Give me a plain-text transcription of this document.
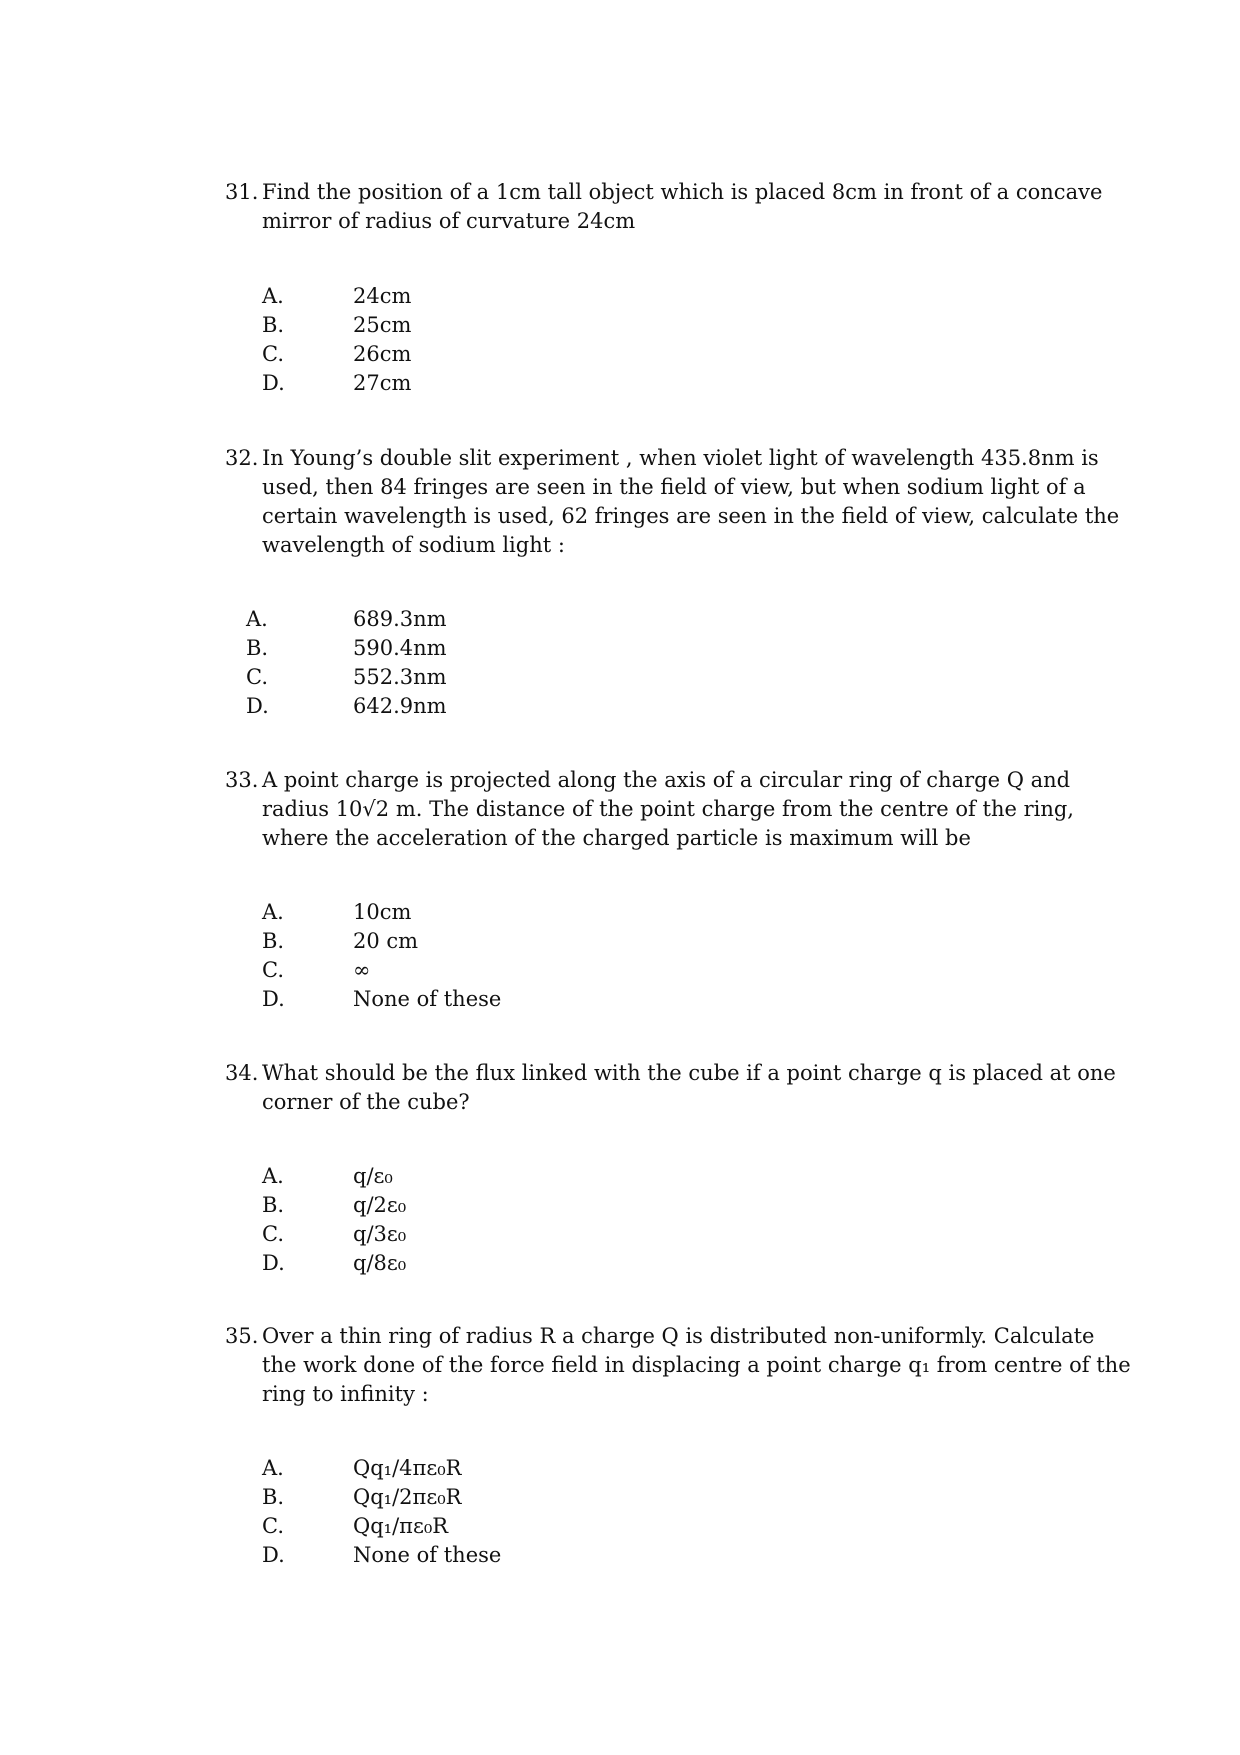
31. Find the position of a 1cm tall object which is placed 8cm in front of a concave
mirror of radius of curvature 24cm
A.	24cm
B.	25cm
C.	26cm
D.	27cm
32. In Young’s double slit experiment , when violet light of wavelength 435.8nm is
used, then 84 fringes are seen in the field of view, but when sodium light of a
certain wavelength is used, 62 fringes are seen in the field of view, calculate the
wavelength of sodium light :
A.	689.3nm
B.	590.4nm
C.	552.3nm
D.	642.9nm
33. A point charge is projected along the axis of a circular ring of charge Q and
radius 10√2 m. The distance of the point charge from the centre of the ring,
where the acceleration of the charged particle is maximum will be
A.	10cm
B.	20 cm
C.	∞
D.	None of these
34. What should be the flux linked with the cube if a point charge q is placed at one
corner of the cube?
A.	q/ε₀
B.	q/2ε₀
C.	q/3ε₀
D.	q/8ε₀
35. Over a thin ring of radius R a charge Q is distributed non-uniformly. Calculate
the work done of the force field in displacing a point charge q₁ from centre of the
ring to infinity :
A.	Qq₁/4πε₀R
B.	Qq₁/2πε₀R
C.	Qq₁/πε₀R
D.	None of these
